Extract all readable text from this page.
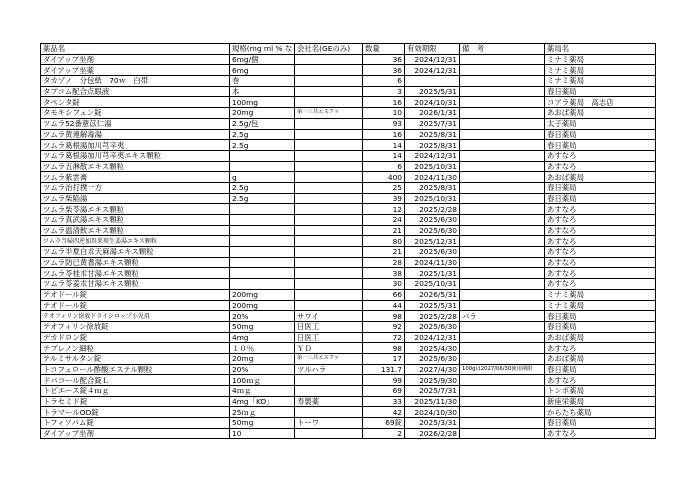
薬品名	規格(mg ml % な	会社名(GEのみ)	数量	有効期限	備　考	薬局名
ダイアップ坐剤	6mg/個		36	2024/12/31		ミナミ薬局
ダイアップ坐薬	6mg		36	2024/12/31		ミナミ薬局
タカゾノ　分包紙　70ｗ　白帯	巻		6			ミナミ薬局
タプコム配合点眼液	本		3	2025/5/31		春日薬局
タペンタ錠	100mg		16	2024/10/31		コアラ薬局　高志店
タモキシフェン錠	20mg	第一三共エスファ	10	2026/1/31		あおば薬局
ツムラ52番薏苡仁湯	2.5g/包		93	2025/7/31		太子薬局
ツムラ黄連解毒湯	2.5g		16	2025/8/31		春日薬局
ツムラ葛根湯加川芎辛夷	2.5g		14	2025/8/31		春日薬局
ツムラ葛根湯加川芎辛夷エキス顆粒			14	2024/12/31		あすなろ
ツムラ五淋散エキス顆粒			6	2025/10/31		あすなろ
ツムラ紫雲膏	g		400	2024/11/30		あおば薬局
ツムラ治打撲一方	2.5g		25	2025/8/31		春日薬局
ツムラ柴陥湯	2.5g		39	2025/10/31		春日薬局
ツムラ柴苓湯エキス顆粒			12	2025/2/28		あすなろ
ツムラ真武湯エキス顆粒			24	2025/6/30		あすなろ
ツムラ温清飲エキス顆粒			21	2025/6/30		あすなろ
ツムラ当帰四逆加呉茱萸生姜湯エキス顆粒			80	2025/12/31		あすなろ
ツムラ半夏白朮天麻湯エキス顆粒			21	2025/6/30		あすなろ
ツムラ防已黄耆湯エキス顆粒			28	2024/11/30		あすなろ
ツムラ苓桂朮甘湯エキス顆粒			38	2025/1/31		あすなろ
ツムラ苓姜朮甘湯エキス顆粒			30	2025/10/31		あすなろ
テオドール錠	200mg		66	2026/5/31		ミナミ薬局
テオドール錠	200mg		44	2025/5/31		ミナミ薬局
テオフィリン徐放ドライシロップ小児用	20%	サワイ	98	2025/2/28	バラ	春日薬局
テオフィリン徐放錠	50mg	日医工	92	2025/6/30		春日薬局
デカドロン錠	4mg	日医工	72	2024/12/31		あおば薬局
テプレノン細粒	１０％	ＹＤ	98	2025/4/30		あすなろ
テルミサルタン錠	20mg	第一三共エスファ	17	2025/6/30		あおば薬局
トコフェロール酢酸エステル顆粒	20%	ツルハラ	131.7	2027/4/30	100gは2027/06/30使用期限	春日薬局
ドパコール配合錠Ｌ	100ｍｇ		99	2025/9/30		あすなろ
トピエース錠４ｍｇ	4ｍｇ		69	2025/7/31		トンボ薬局
トラセミド錠	4mg「KO」	寿製薬	33	2025/11/30		新座栄薬局
トラマールOD錠	25ｍｇ		42	2024/10/30		からたち薬局
トフィソパム錠	50mg	トーワ	69錠	2025/3/31		春日薬局
ダイアップ坐剤	10		2	2026/2/28		あすなろ
